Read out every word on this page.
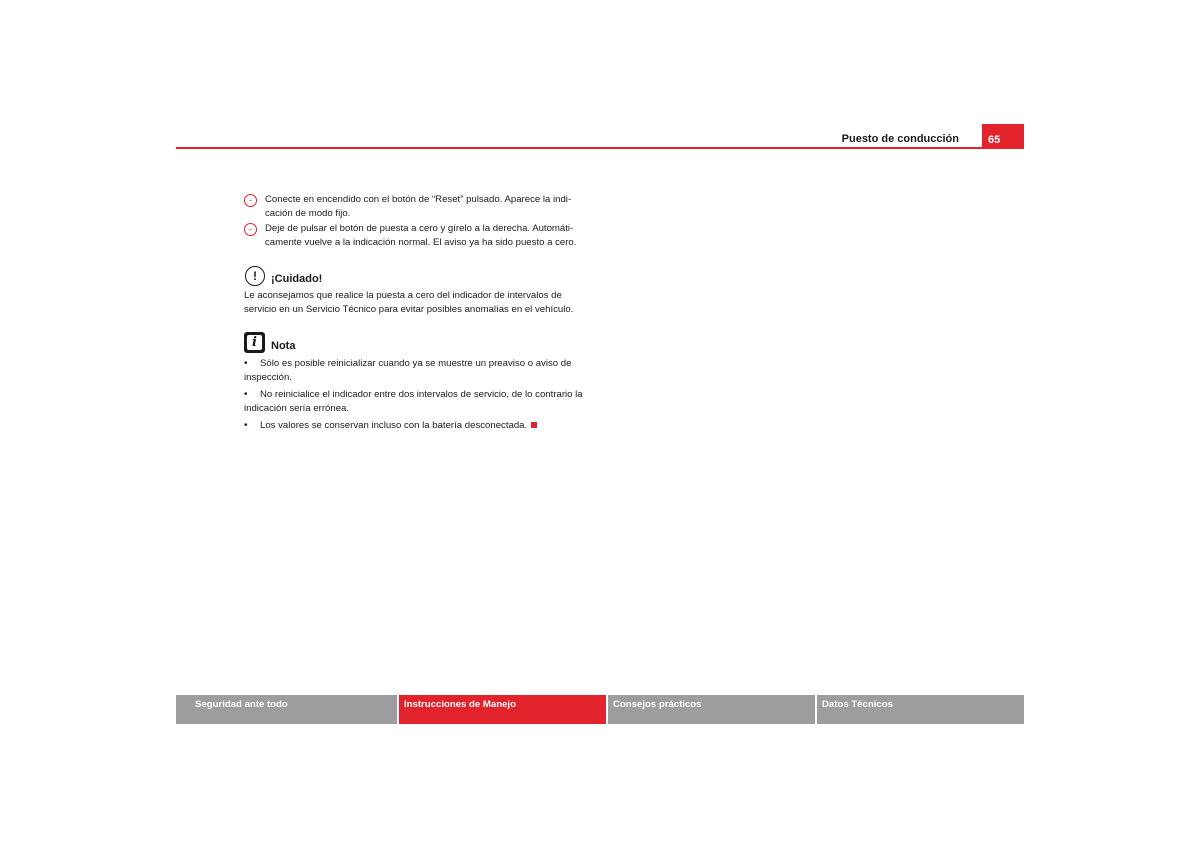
Puesto de conducción	65
-	Conecte en encendido con el botón de “Reset” pulsado. Aparece la indi-cación de modo fijo.
-	Deje de pulsar el botón de puesta a cero y gírelo a la derecha. Automáti-camente vuelve a la indicación normal. El aviso ya ha sido puesto a cero.
!	¡Cuidado!
Le aconsejamos que realice la puesta a cero del indicador de intervalos de servicio en un Servicio Técnico para evitar posibles anomalías en el vehículo.
i	Nota
• Sólo es posible reinicializar cuando ya se muestre un preaviso o aviso de inspección.
• No reinicialice el indicador entre dos intervalos de servicio, de lo contrario la indicación sería errónea.
• Los valores se conservan incluso con la batería desconectada.
Seguridad ante todo	Instrucciones de Manejo	Consejos prácticos	Datos Técnicos
